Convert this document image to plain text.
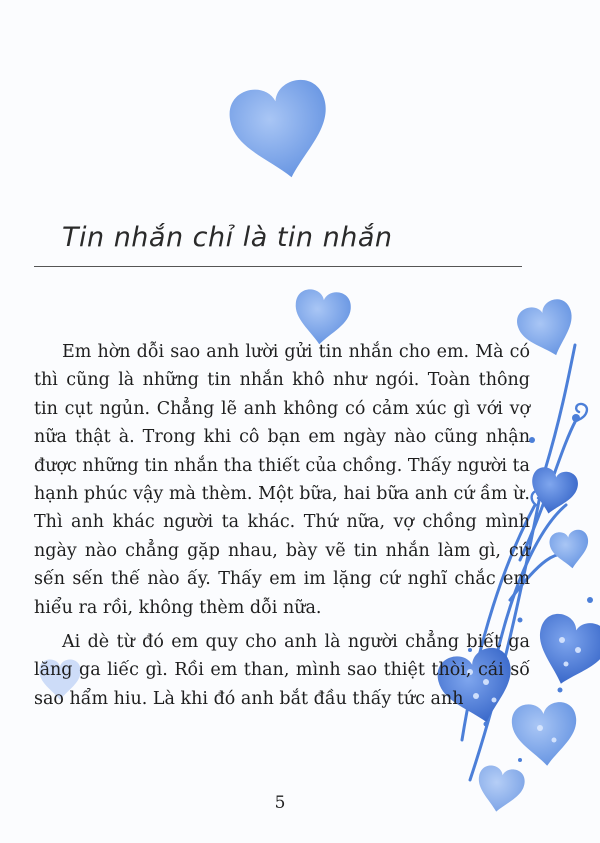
Tin nhắn chỉ là tin nhắn

Em hờn dỗi sao anh lười gửi tin nhắn cho em. Mà có thì cũng là những tin nhắn khô như ngói. Toàn thông tin cụt ngủn. Chẳng lẽ anh không có cảm xúc gì với vợ nữa thật à. Trong khi cô bạn em ngày nào cũng nhận được những tin nhắn tha thiết của chồng. Thấy người ta hạnh phúc vậy mà thèm. Một bữa, hai bữa anh cứ ầm ừ. Thì anh khác người ta khác. Thứ nữa, vợ chồng mình ngày nào chẳng gặp nhau, bày vẽ tin nhắn làm gì, cứ sến sến thế nào ấy. Thấy em im lặng cứ nghĩ chắc em hiểu ra rồi, không thèm dỗi nữa.

Ai dè từ đó em quy cho anh là người chẳng biết ga lăng ga liếc gì. Rồi em than, mình sao thiệt thòi, cái số sao hẩm hiu. Là khi đó anh bắt đầu thấy tức anh

5
